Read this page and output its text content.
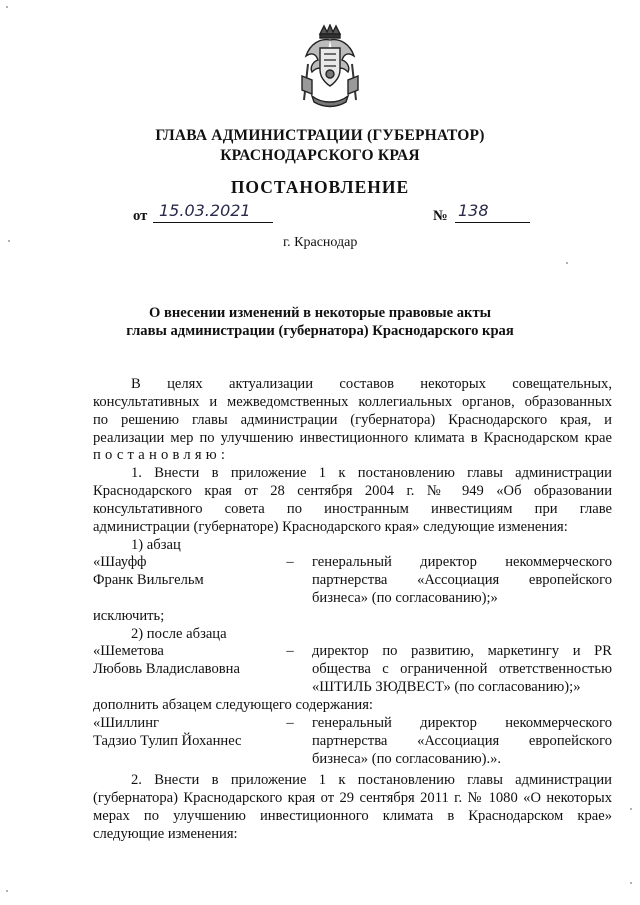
ГЛАВА АДМИНИСТРАЦИИ (ГУБЕРНАТОР)
КРАСНОДАРСКОГО КРАЯ
ПОСТАНОВЛЕНИЕ
от 15.03.2021	№ 138
г. Краснодар
О внесении изменений в некоторые правовые акты
главы администрации (губернатора) Краснодарского края
В целях актуализации составов некоторых совещательных,
консультативных и межведомственных коллегиальных органов, образованных
по решению главы администрации (губернатора) Краснодарского края, и
реализации мер по улучшению инвестиционного климата в Краснодарском крае
постановляю:
1. Внести в приложение 1 к постановлению главы администрации
Краснодарского края от 28 сентября 2004 г. № 949 «Об образовании
консультативного совета по иностранным инвестициям при главе
администрации (губернаторе) Краснодарского края» следующие изменения:
1) абзац
«Шауфф
Франк Вильгельм
– генеральный директор некоммерческого
партнерства «Ассоциация европейского
бизнеса» (по согласованию);»
исключить;
2) после абзаца
«Шеметова
Любовь Владиславовна
– директор по развитию, маркетингу и PR
общества с ограниченной ответственностью
«ШТИЛЬ ЗЮДВЕСТ» (по согласованию);»
дополнить абзацем следующего содержания:
«Шиллинг
Тадзио Тулип Йоханнес
– генеральный директор некоммерческого
партнерства «Ассоциация европейского
бизнеса» (по согласованию).».
2. Внести в приложение 1 к постановлению главы администрации
(губернатора) Краснодарского края от 29 сентября 2011 г. № 1080 «О некоторых
мерах по улучшению инвестиционного климата в Краснодарском крае»
следующие изменения:
